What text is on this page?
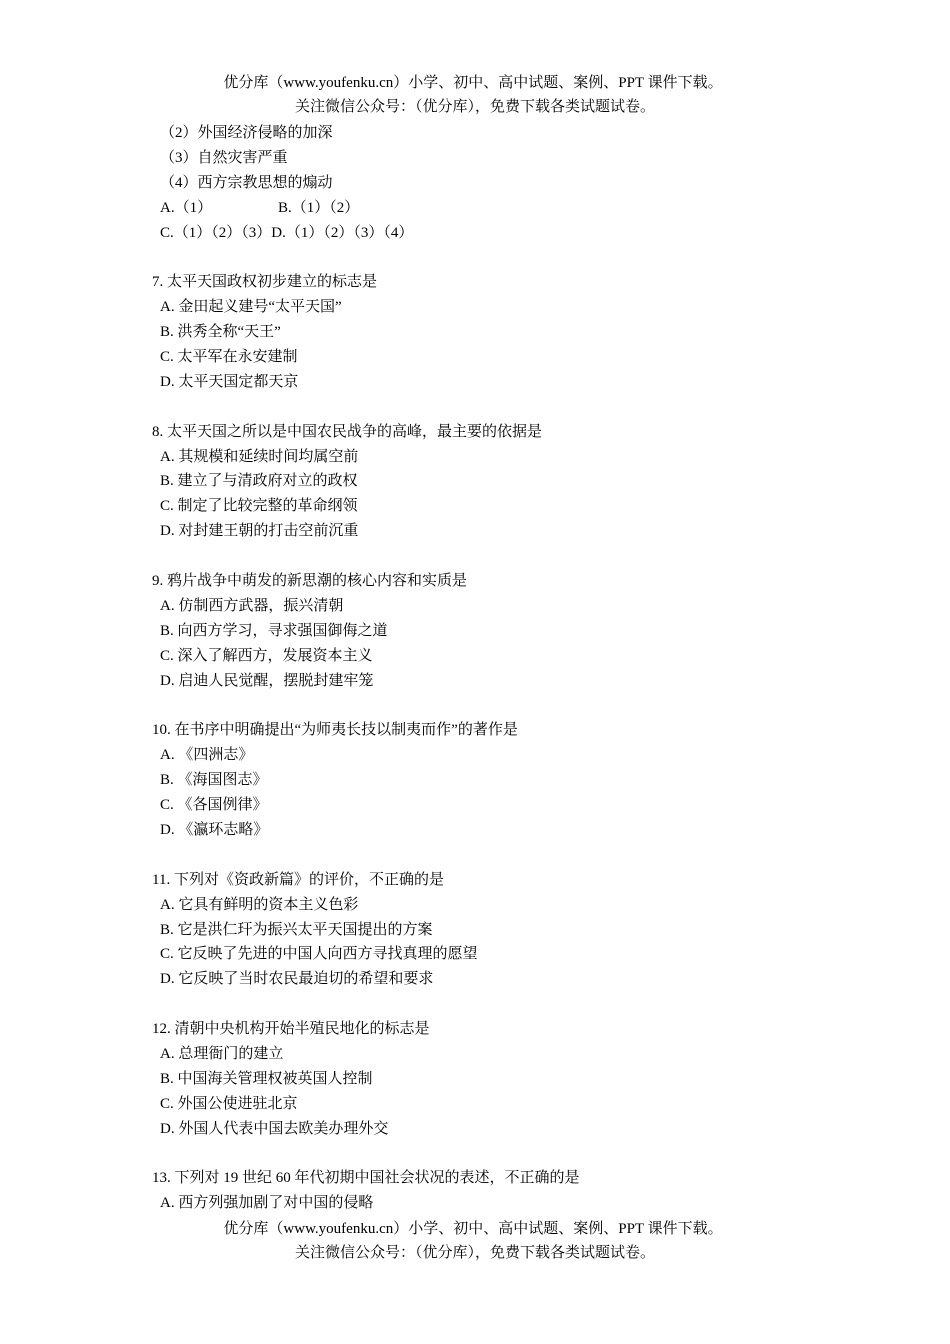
优分库（www.youfenku.cn）小学、初中、高中试题、案例、PPT 课件下载。
关注微信公众号：（优分库），免费下载各类试题试卷。
（2）外国经济侵略的加深
（3）自然灾害严重
（4）西方宗教思想的煽动
A.（1）	B.（1）（2）
C.（1）（2）（3）D.（1）（2）（3）（4）
7. 太平天国政权初步建立的标志是
A. 金田起义建号“太平天国”
B. 洪秀全称“天王”
C. 太平军在永安建制
D. 太平天国定都天京
8. 太平天国之所以是中国农民战争的高峰，最主要的依据是
A. 其规模和延续时间均属空前
B. 建立了与清政府对立的政权
C. 制定了比较完整的革命纲领
D. 对封建王朝的打击空前沉重
9. 鸦片战争中萌发的新思潮的核心内容和实质是
A. 仿制西方武器，振兴清朝
B. 向西方学习，寻求强国御侮之道
C. 深入了解西方，发展资本主义
D. 启迪人民觉醒，摆脱封建牢笼
10. 在书序中明确提出“为师夷长技以制夷而作”的著作是
A. 《四洲志》
B. 《海国图志》
C. 《各国例律》
D. 《瀛环志略》
11. 下列对《资政新篇》的评价，不正确的是
A. 它具有鲜明的资本主义色彩
B. 它是洪仁玕为振兴太平天国提出的方案
C. 它反映了先进的中国人向西方寻找真理的愿望
D. 它反映了当时农民最迫切的希望和要求
12. 清朝中央机构开始半殖民地化的标志是
A. 总理衙门的建立
B. 中国海关管理权被英国人控制
C. 外国公使进驻北京
D. 外国人代表中国去欧美办理外交
13. 下列对 19 世纪 60 年代初期中国社会状况的表述，不正确的是
A. 西方列强加剧了对中国的侵略
优分库（www.youfenku.cn）小学、初中、高中试题、案例、PPT 课件下载。
关注微信公众号：（优分库），免费下载各类试题试卷。
